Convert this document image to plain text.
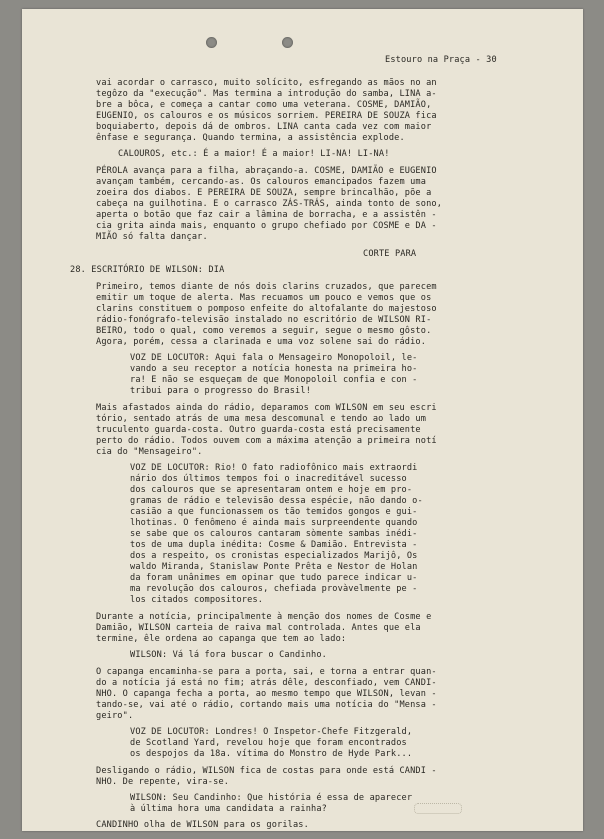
Estouro na Praça - 30
vai acordar o carrasco, muito solícito, esfregando as mãos no an
tegôzo da "execução". Mas termina a introdução do samba, LINA a-
bre a bôca, e começa a cantar como uma veterana. COSME, DAMIÃO,
EUGENIO, os calouros e os músicos sorriem. PEREIRA DE SOUZA fica
boquiaberto, depois dá de ombros. LINA canta cada vez com maior
ênfase e segurança. Quando termina, a assistência explode.
CALOUROS, etc.: É a maior! É a maior! LI-NA! LI-NA!
PÉROLA avança para a filha, abraçando-a. COSME, DAMIÃO e EUGENIO
avançam também, cercando-as. Os calouros emancipados fazem uma
zoeira dos diabos. E PEREIRA DE SOUZA, sempre brincalhão, põe a
cabeça na guilhotina. E o carrasco ZÁS-TRÁS, ainda tonto de sono,
aperta o botão que faz cair a lâmina de borracha, e a assistên -
cia grita ainda mais, enquanto o grupo chefiado por COSME e DA -
MIÃO só falta dançar.
CORTE PARA
28. ESCRITÓRIO DE WILSON: DIA
Primeiro, temos diante de nós dois clarins cruzados, que parecem
emitir um toque de alerta. Mas recuamos um pouco e vemos que os
clarins constituem o pomposo enfeite do altofalante do majestoso
rádio-fonógrafo-televisão instalado no escritório de WILSON RI-
BEIRO, todo o qual, como veremos a seguir, segue o mesmo gôsto.
Agora, porém, cessa a clarinada e uma voz solene sai do rádio.
VOZ DE LOCUTOR: Aqui fala o Mensageiro Monopoloil, le-
vando a seu receptor a notícia honesta na primeira ho-
ra! E não se esqueçam de que Monopoloil confia e con -
tribui para o progresso do Brasil!
Mais afastados ainda do rádio, deparamos com WILSON em seu escri
tório, sentado atrás de uma mesa descomunal e tendo ao lado um
truculento guarda-costa. Outro guarda-costa está precisamente
perto do rádio. Todos ouvem com a máxima atenção a primeira notí
cia do "Mensageiro".
VOZ DE LOCUTOR: Rio! O fato radiofônico mais extraordi
nário dos últimos tempos foi o inacreditável sucesso
dos calouros que se apresentaram ontem e hoje em pro-
gramas de rádio e televisão dessa espécie, não dando o-
casião a que funcionassem os tão temidos gongos e gui-
lhotinas. O fenômeno é ainda mais surpreendente quando
se sabe que os calouros cantaram sòmente sambas inédi-
tos de uma dupla inédita: Cosme & Damião. Entrevista -
dos a respeito, os cronistas especializados Marijô, Os
waldo Miranda, Stanislaw Ponte Prêta e Nestor de Holan
da foram unânimes em opinar que tudo parece indicar u-
ma revolução dos calouros, chefiada provàvelmente pe -
los citados compositores.
Durante a notícia, principalmente à menção dos nomes de Cosme e
Damião, WILSON carteia de raiva mal controlada. Antes que ela
termine, êle ordena ao capanga que tem ao lado:
WILSON: Vá lá fora buscar o Candinho.
O capanga encaminha-se para a porta, sai, e torna a entrar quan-
do a notícia já está no fim; atrás dêle, desconfiado, vem CANDI-
NHO. O capanga fecha a porta, ao mesmo tempo que WILSON, levan -
tando-se, vai até o rádio, cortando mais uma notícia do "Mensa -
geiro".
VOZ DE LOCUTOR: Londres! O Inspetor-Chefe Fitzgerald,
de Scotland Yard, revelou hoje que foram encontrados
os despojos da 18a. vítima do Monstro de Hyde Park...
Desligando o rádio, WILSON fica de costas para onde está CANDI -
NHO. De repente, vira-se.
WILSON: Seu Candinho: Que história é essa de aparecer
à última hora uma candidata a rainha?
CANDINHO olha de WILSON para os gorilas.
